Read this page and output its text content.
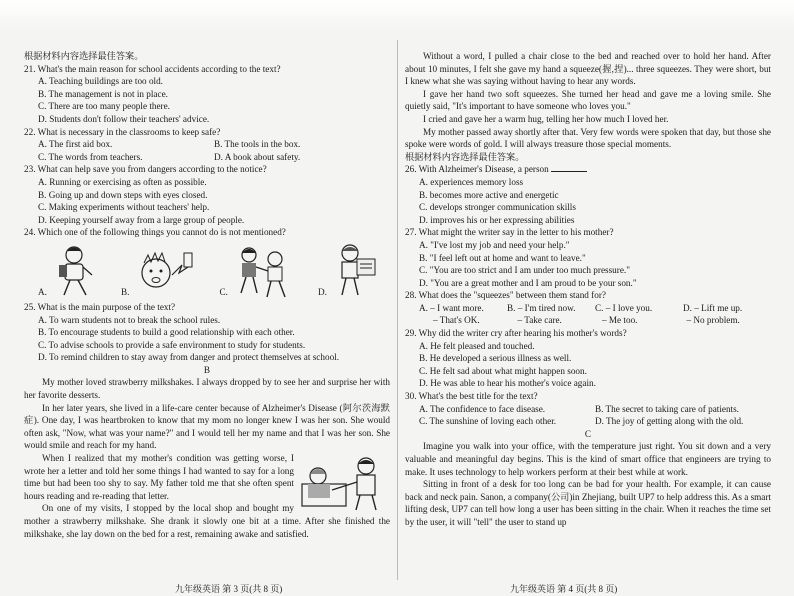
根据材料内容选择最佳答案。

21. What's the main reason for school accidents according to the text?

A. Teaching buildings are too old.

B. The management is not in place.

C. There are too many people there.

D. Students don't follow their teachers' advice.

22. What is necessary in the classrooms to keep safe?

A. The first aid box.	B. The tools in the box.
C. The words from teachers.	D. A book about safety.

23. What can help save you from dangers according to the notice?

A. Running or exercising as often as possible.

B. Going up and down steps with eyes closed.

C. Making experiments without teachers' help.

D. Keeping yourself away from a large group of people.

24. Which one of the following things you cannot do is not mentioned?

A.	B.	C.	D.

25. What is the main purpose of the text?

A. To warn students not to break the school rules.

B. To encourage students to build a good relationship with each other.

C. To advise schools to provide a safe environment to study for students.

D. To remind children to stay away from danger and protect themselves at school.

B

My mother loved strawberry milkshakes. I always dropped by to see her and surprise her with her favorite desserts.

In her later years, she lived in a life-care center because of Alzheimer's Disease (阿尔茨海默症). One day, I was heartbroken to know that my mom no longer knew I was her son. She would often ask, "Now, what was your name?" and I would tell her my name and that I was her son. She would smile and reach for my hand.

When I realized that my mother's condition was getting worse, I wrote her a letter and told her some things I had wanted to say for a long time but had been too shy to say. My father told me that she often spent hours reading and re-reading that letter.

On one of my visits, I stopped by the local shop and bought my mother a strawberry milkshake. She drank it slowly one bit at a time. After she finished the milkshake, she lay down on the bed for a rest, remaining awake and satisfied.

Without a word, I pulled a chair close to the bed and reached over to hold her hand. After about 10 minutes, I felt she gave my hand a squeeze(握,捏)... three squeezes. They were short, but I knew what she was saying without having to hear any words.

I gave her hand two soft squeezes. She turned her head and gave me a loving smile. She quietly said, "It's important to have someone who loves you."

I cried and gave her a warm hug, telling her how much I loved her.

My mother passed away shortly after that. Very few words were spoken that day, but those she spoke were words of gold. I will always treasure those special moments.

根据材料内容选择最佳答案。

26. With Alzheimer's Disease, a person

A. experiences memory loss

B. becomes more active and energetic

C. develops stronger communication skills

D. improves his or her expressing abilities

27. What might the writer say in the letter to his mother?

A. "I've lost my job and need your help."

B. "I feel left out at home and want to leave."

C. "You are too strict and I am under too much pressure."

D. "You are a great mother and I am proud to be your son."

28. What does the "squeezes" between them stand for?

A. – I want more.	B. – I'm tired now.	C. – I love you.	D. – Lift me up.
– That's OK.	– Take care.	– Me too.	– No problem.

29. Why did the writer cry after hearing his mother's words?

A. He felt pleased and touched.

B. He developed a serious illness as well.

C. He felt sad about what might happen soon.

D. He was able to hear his mother's voice again.

30. What's the best title for the text?

A. The confidence to face disease.	B. The secret to taking care of patients.
C. The sunshine of loving each other.	D. The joy of getting along with the old.

C

Imagine you walk into your office, with the temperature just right. You sit down and a very valuable and meaningful day begins. This is the kind of smart office that engineers are trying to make. It uses technology to help workers perform at their best while at work.

Sitting in front of a desk for too long can be bad for your health. For example, it can cause back and neck pain. Sanon, a company(公司)in Zhejiang, built UP7 to help address this. As a smart lifting desk, UP7 can tell how long a user has been sitting in the chair. When it reaches the time set by the user, it will "tell" the user to stand up

九年级英语 第 3 页(共 8 页)	九年级英语 第 4 页(共 8 页)
